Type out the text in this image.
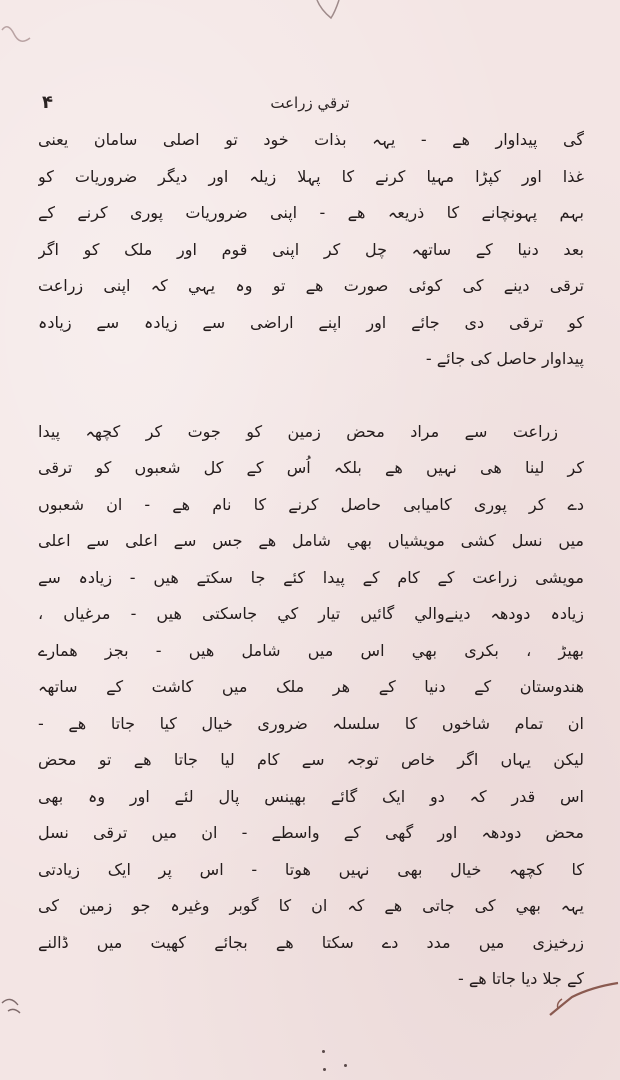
۴	ترقي زراعت
گی پیداوار ھے - یہہ بذات خود تو اصلی سامان یعنی
غذا اور کپڑا مہیا کرنے کا پہلا زیلہ اور دیگر ضروریات کو
بہم پہونچانے کا ذریعہ ھے - اپنی ضروریات پوری کرنے کے
بعد دنیا کے ساتھہ چل کر اپنی قوم اور ملک کو اگر
ترقی دینے کی کوئی صورت ھے تو وہ یہي کہ اپنی زراعت
کو ترقی دی جائے اور اپنے اراضی سے زیادہ سے زیادہ
پیداوار حاصل کی جائے -
زراعت سے مراد محض زمین کو جوت کر کچھہ پیدا
کر لینا هی نہیں ھے بلکہ اُس کے کل شعبوں کو ترقی
دے کر پوری کامیابی حاصل کرنے کا نام ھے - ان شعبوں
میں نسل کشی مویشیاں بھي شامل ھے جس سے اعلی سے اعلی
مویشی زراعت کے کام کے پیدا کئے جا سکتے ھیں - زیادہ سے
زیادہ دودھہ دینےوالي گائیں تیار کي جاسکتی ھیں - مرغیاں ،
بھیڑ ، بکری بھي اس میں شامل ھیں - بجز ھمارے
ھندوستان کے دنیا کے ھر ملک میں کاشت کے ساتھہ
ان تمام شاخوں کا سلسلہ ضروری خیال کیا جاتا ھے -
لیکن یہاں اگر خاص توجہ سے کام لیا جاتا ھے تو محض
اس قدر کہ دو ایک گائے بھینس پال لئے اور وہ بھی
محض دودھہ اور گھی کے واسطے - ان میں ترقی نسل
کا کچھہ خیال بھی نہیں ھوتا - اس پر ایک زیادتی
یہہ بھي کی جاتی ھے کہ ان کا گوبر وغیرہ جو زمین کی
زرخیزی میں مدد دے سکتا ھے بجائے کھیت میں ڈالنے
کے جلا دیا جاتا ھے -
